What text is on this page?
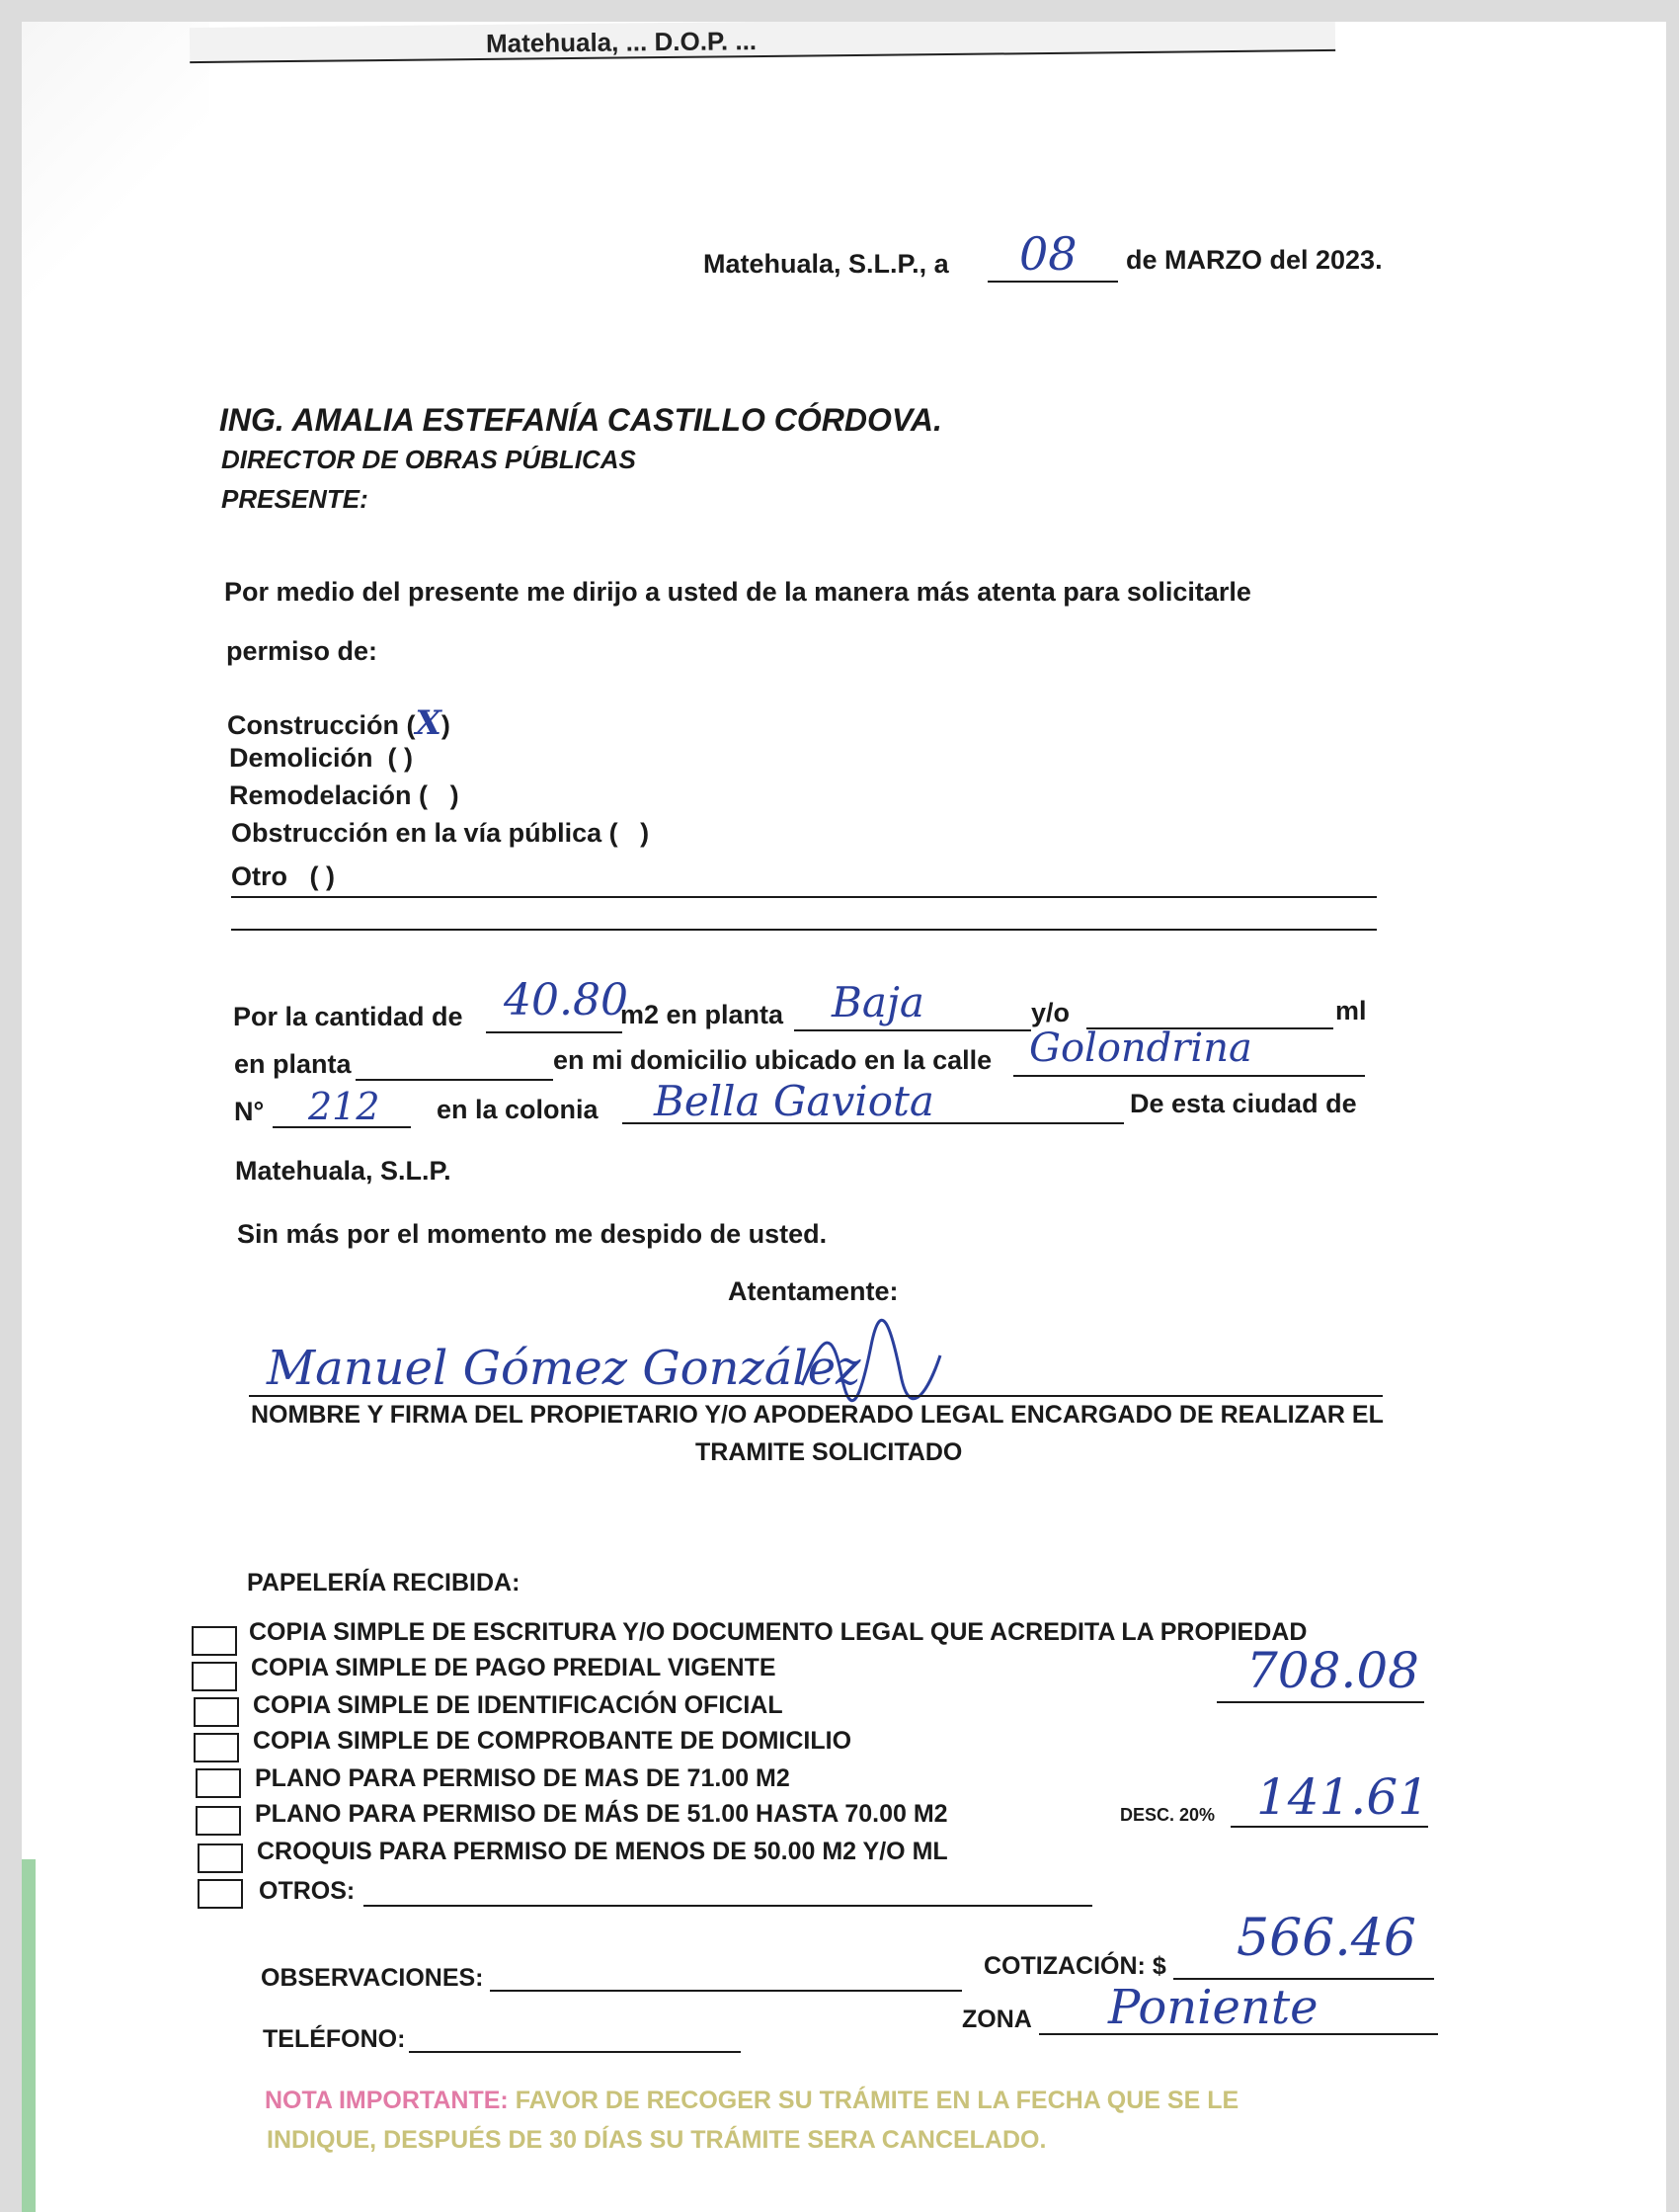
Matehuala, ... D.O.P. ...
Matehuala, S.L.P., a 08 de MARZO del 2023.
ING. AMALIA ESTEFANÍA CASTILLO CÓRDOVA.
DIRECTOR DE OBRAS PÚBLICAS
PRESENTE:
Por medio del presente me dirijo a usted de la manera más atenta para solicitarle
permiso de:
Construcción (X)
Demolición ( )
Remodelación ( )
Obstrucción en la vía pública ( )
Otro ( )
Por la cantidad de 40.80
m2 en planta Baja	y/o	ml
en planta	en mi domicilio ubicado en la calle Golondrina
N° 212 en la colonia Bella Gaviota	De esta ciudad de
Matehuala, S.L.P.
Sin más por el momento me despido de usted.
Atentamente:
Manuel Gómez González
NOMBRE Y FIRMA DEL PROPIETARIO Y/O APODERADO LEGAL ENCARGADO DE REALIZAR EL
TRAMITE SOLICITADO
PAPELERÍA RECIBIDA:
COPIA SIMPLE DE ESCRITURA Y/O DOCUMENTO LEGAL QUE ACREDITA LA PROPIEDAD
COPIA SIMPLE DE PAGO PREDIAL VIGENTE
COPIA SIMPLE DE IDENTIFICACIÓN OFICIAL
COPIA SIMPLE DE COMPROBANTE DE DOMICILIO
PLANO PARA PERMISO DE MAS DE 71.00 M2
PLANO PARA PERMISO DE MÁS DE 51.00 HASTA 70.00 M2
CROQUIS PARA PERMISO DE MENOS DE 50.00 M2 Y/O ML
OTROS:
708.08
DESC. 20% 141.61
OBSERVACIONES:	COTIZACIÓN: $ 566.46
TELÉFONO:
ZONA Poniente
NOTA IMPORTANTE: FAVOR DE RECOGER SU TRÁMITE EN LA FECHA QUE SE LE
INDIQUE, DESPUÉS DE 30 DÍAS SU TRÁMITE SERA CANCELADO.
